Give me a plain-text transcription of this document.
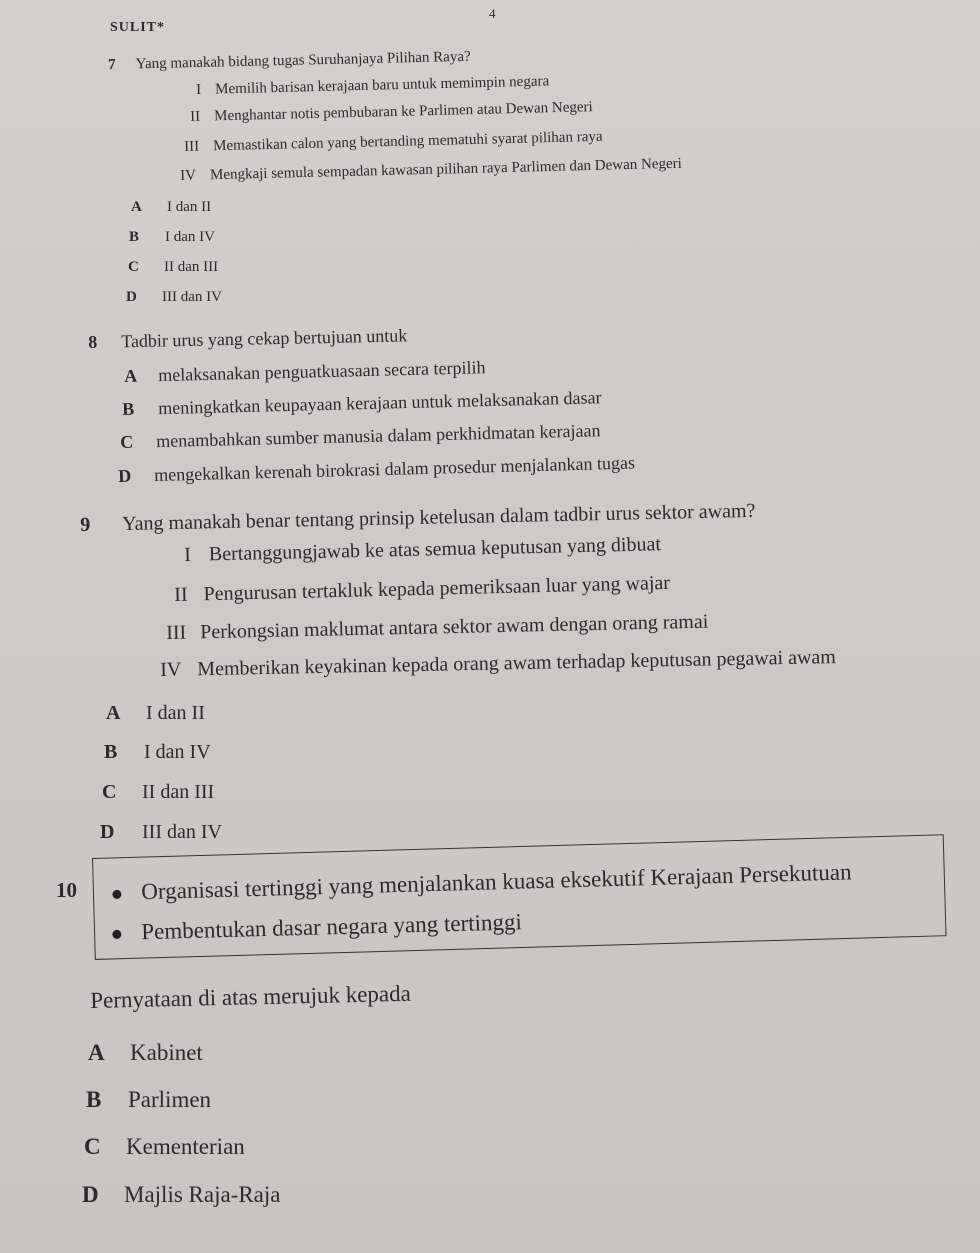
SULIT*
4
7 Yang manakah bidang tugas Suruhanjaya Pilihan Raya?
I Memilih barisan kerajaan baru untuk memimpin negara
II Menghantar notis pembubaran ke Parlimen atau Dewan Negeri
III Memastikan calon yang bertanding mematuhi syarat pilihan raya
IV Mengkaji semula sempadan kawasan pilihan raya Parlimen dan Dewan Negeri
A I dan II
B I dan IV
C II dan III
D III dan IV
8 Tadbir urus yang cekap bertujuan untuk
A melaksanakan penguatkuasaan secara terpilih
B meningkatkan keupayaan kerajaan untuk melaksanakan dasar
C menambahkan sumber manusia dalam perkhidmatan kerajaan
D mengekalkan kerenah birokrasi dalam prosedur menjalankan tugas
9 Yang manakah benar tentang prinsip ketelusan dalam tadbir urus sektor awam?
I Bertanggungjawab ke atas semua keputusan yang dibuat
II Pengurusan tertakluk kepada pemeriksaan luar yang wajar
III Perkongsian maklumat antara sektor awam dengan orang ramai
IV Memberikan keyakinan kepada orang awam terhadap keputusan pegawai awam
A I dan II
B I dan IV
C II dan III
D III dan IV
10	Organisasi tertinggi yang menjalankan kuasa eksekutif Kerajaan Persekutuan
Pembentukan dasar negara yang tertinggi
Pernyataan di atas merujuk kepada
A Kabinet
B Parlimen
C Kementerian
D Majlis Raja-Raja
